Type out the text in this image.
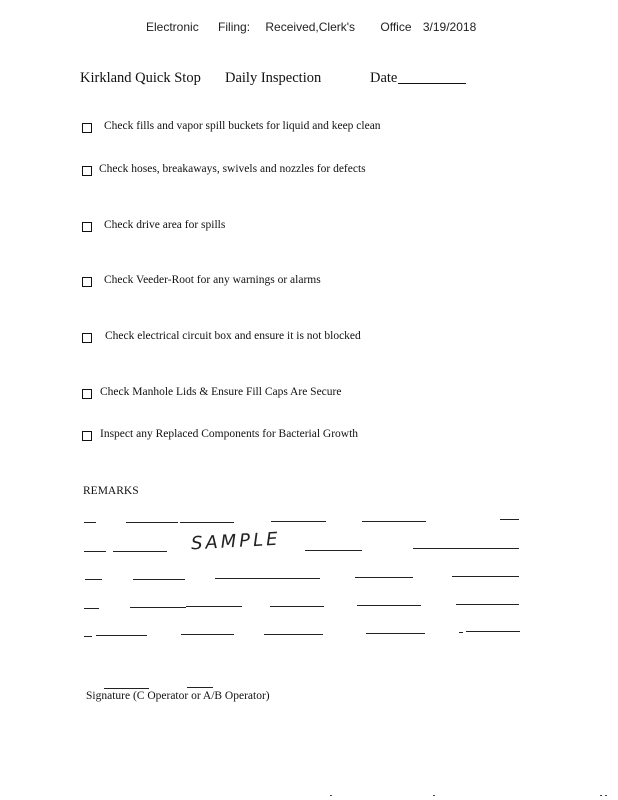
Electronic Filing: Received,Clerk's Office 3/19/2018
Kirkland Quick Stop Daily Inspection	Date
Check fills and vapor spill buckets for liquid and keep clean
Check hoses, breakaways, swivels and nozzles for defects
Check drive area for spills
Check Veeder-Root for any warnings or alarms
Check electrical circuit box and ensure it is not blocked
Check Manhole Lids & Ensure Fill Caps Are Secure
Inspect any Replaced Components for Bacterial Growth
REMARKS
SAMPLE
Signature (C Operator or A/B Operator)
